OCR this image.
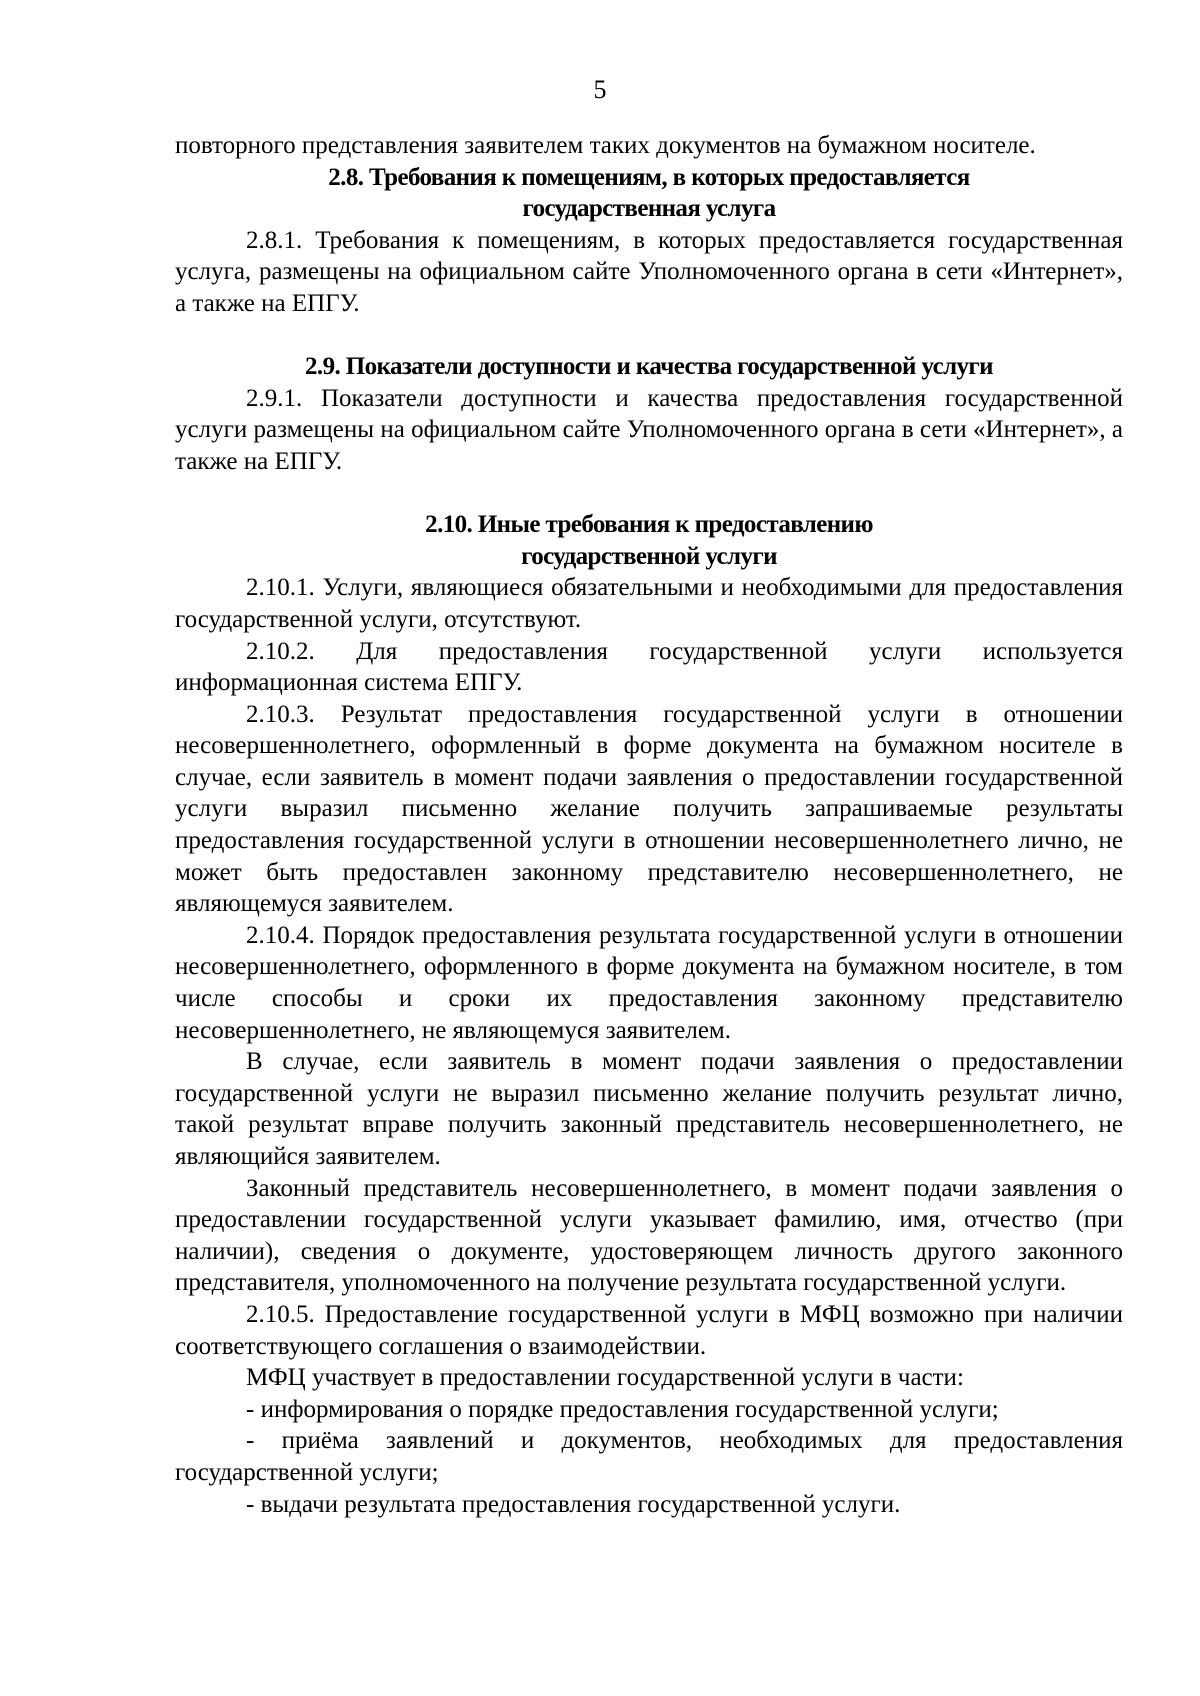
5

повторного представления заявителем таких документов на бумажном носителе.

2.8. Требования к помещениям, в которых предоставляется
государственная услуга

2.8.1. Требования к помещениям, в которых предоставляется государственная услуга, размещены на официальном сайте Уполномоченного органа в сети «Интернет», а также на ЕПГУ.

2.9. Показатели доступности и качества государственной услуги

2.9.1. Показатели доступности и качества предоставления государственной услуги размещены на официальном сайте Уполномоченного органа в сети «Интернет», а также на ЕПГУ.

2.10. Иные требования к предоставлению
государственной услуги

2.10.1. Услуги, являющиеся обязательными и необходимыми для предоставления государственной услуги, отсутствуют.

2.10.2. Для предоставления государственной услуги используется информационная система ЕПГУ.

2.10.3. Результат предоставления государственной услуги в отношении несовершеннолетнего, оформленный в форме документа на бумажном носителе в случае, если заявитель в момент подачи заявления о предоставлении государственной услуги выразил письменно желание получить запрашиваемые результаты предоставления государственной услуги в отношении несовершеннолетнего лично, не может быть предоставлен законному представителю несовершеннолетнего, не являющемуся заявителем.

2.10.4. Порядок предоставления результата государственной услуги в отношении несовершеннолетнего, оформленного в форме документа на бумажном носителе, в том числе способы и сроки их предоставления законному представителю несовершеннолетнего, не являющемуся заявителем.

В случае, если заявитель в момент подачи заявления о предоставлении государственной услуги не выразил письменно желание получить результат лично, такой результат вправе получить законный представитель несовершеннолетнего, не являющийся заявителем.

Законный представитель несовершеннолетнего, в момент подачи заявления о предоставлении государственной услуги указывает фамилию, имя, отчество (при наличии), сведения о документе, удостоверяющем личность другого законного представителя, уполномоченного на получение результата государственной услуги.

2.10.5. Предоставление государственной услуги в МФЦ возможно при наличии соответствующего соглашения о взаимодействии.

МФЦ участвует в предоставлении государственной услуги в части:

- информирования о порядке предоставления государственной услуги;

- приёма заявлений и документов, необходимых для предоставления государственной услуги;

- выдачи результата предоставления государственной услуги.
